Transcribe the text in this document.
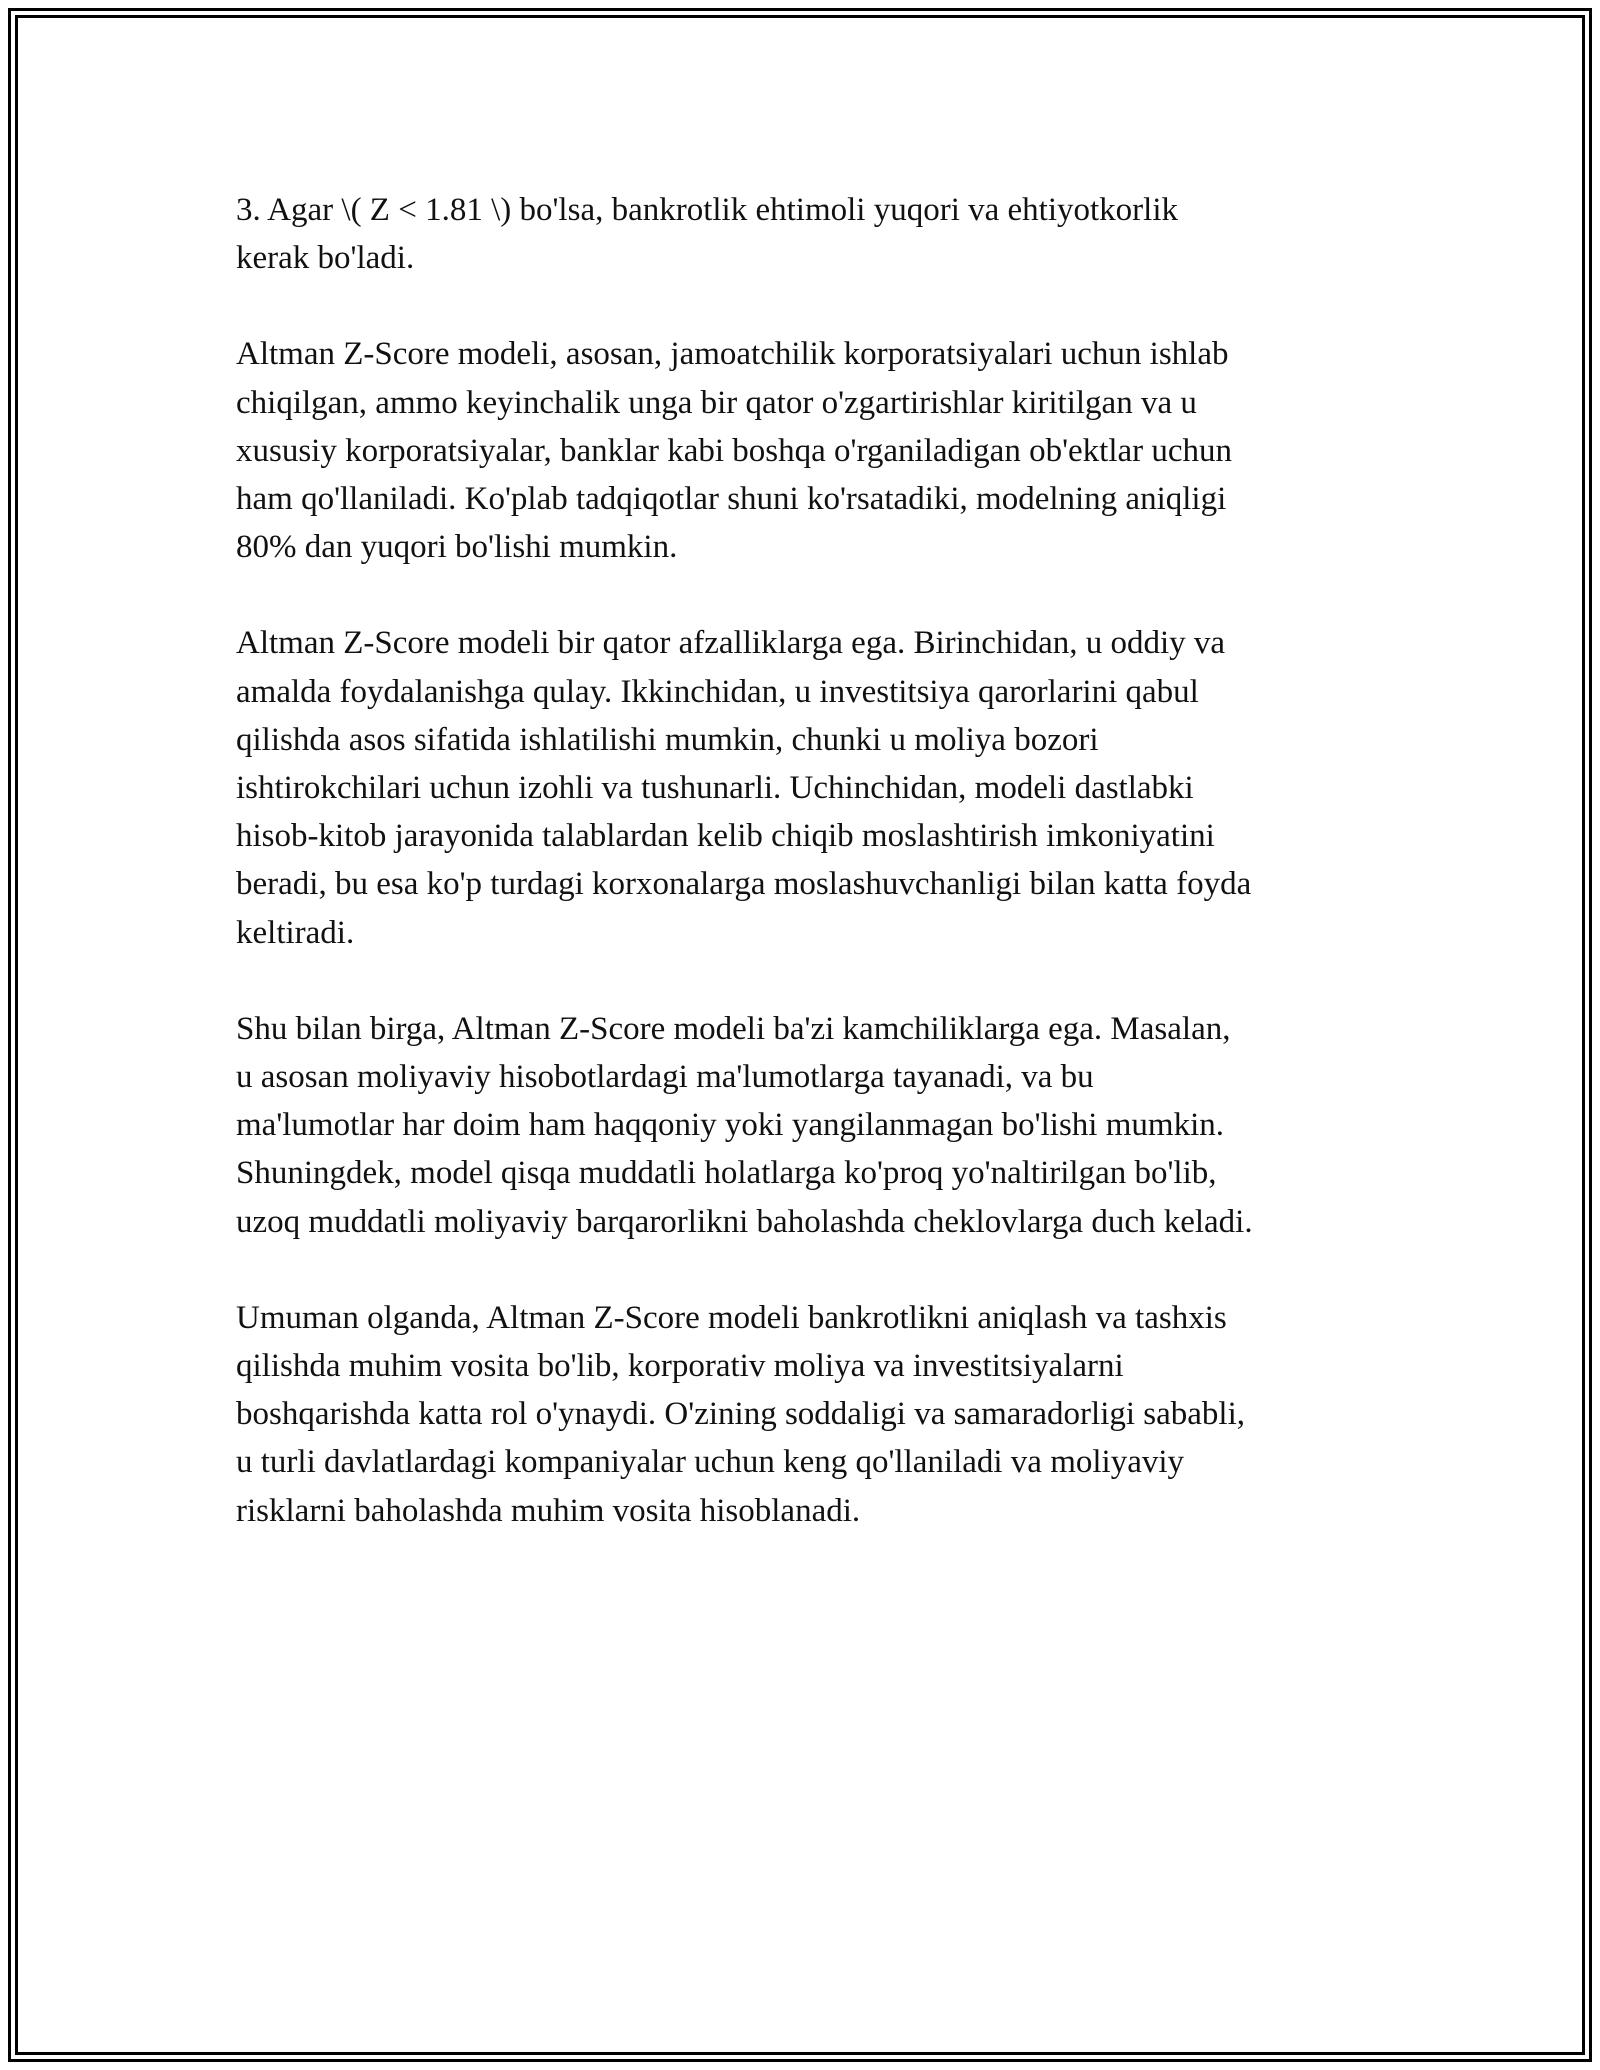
3. Agar \( Z < 1.81 \) bo'lsa, bankrotlik ehtimoli yuqori va ehtiyotkorlik
kerak bo'ladi.

Altman Z-Score modeli, asosan, jamoatchilik korporatsiyalari uchun ishlab
chiqilgan, ammo keyinchalik unga bir qator o'zgartirishlar kiritilgan va u
xususiy korporatsiyalar, banklar kabi boshqa o'rganiladigan ob'ektlar uchun
ham qo'llaniladi. Ko'plab tadqiqotlar shuni ko'rsatadiki, modelning aniqligi
80% dan yuqori bo'lishi mumkin.

Altman Z-Score modeli bir qator afzalliklarga ega. Birinchidan, u oddiy va
amalda foydalanishga qulay. Ikkinchidan, u investitsiya qarorlarini qabul
qilishda asos sifatida ishlatilishi mumkin, chunki u moliya bozori
ishtirokchilari uchun izohli va tushunarli. Uchinchidan, modeli dastlabki
hisob-kitob jarayonida talablardan kelib chiqib moslashtirish imkoniyatini
beradi, bu esa ko'p turdagi korxonalarga moslashuvchanligi bilan katta foyda
keltiradi.

Shu bilan birga, Altman Z-Score modeli ba'zi kamchiliklarga ega. Masalan,
u asosan moliyaviy hisobotlardagi ma'lumotlarga tayanadi, va bu
ma'lumotlar har doim ham haqqoniy yoki yangilanmagan bo'lishi mumkin.
Shuningdek, model qisqa muddatli holatlarga ko'proq yo'naltirilgan bo'lib,
uzoq muddatli moliyaviy barqarorlikni baholashda cheklovlarga duch keladi.

Umuman olganda, Altman Z-Score modeli bankrotlikni aniqlash va tashxis
qilishda muhim vosita bo'lib, korporativ moliya va investitsiyalarni
boshqarishda katta rol o'ynaydi. O'zining soddaligi va samaradorligi sababli,
u turli davlatlardagi kompaniyalar uchun keng qo'llaniladi va moliyaviy
risklarni baholashda muhim vosita hisoblanadi.
